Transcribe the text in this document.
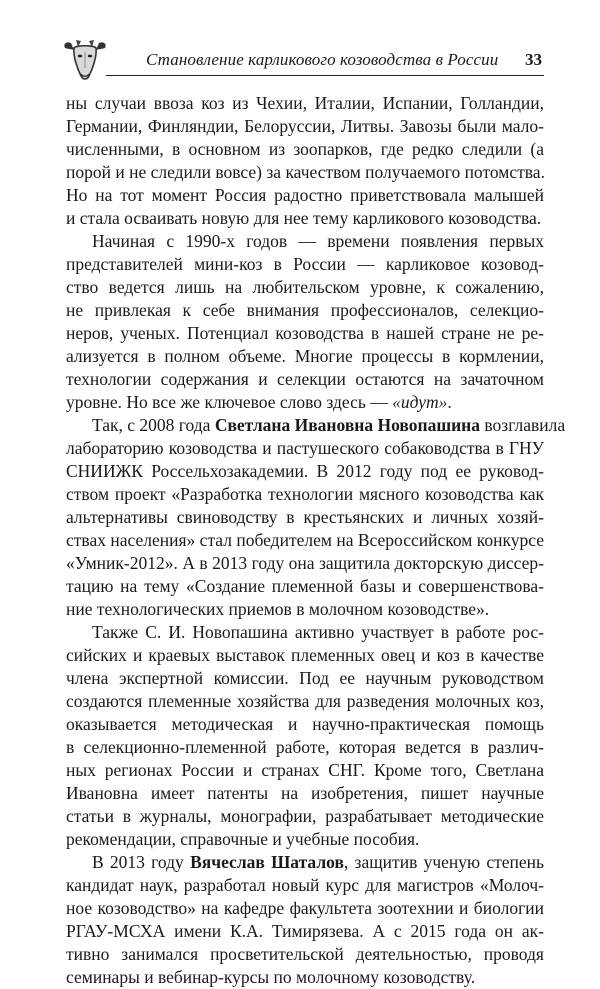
Становление карликового козоводства в России 33
ны случаи ввоза коз из Чехии, Италии, Испании, Голландии,
Германии, Финляндии, Белоруссии, Литвы. Завозы были мало-
численными, в основном из зоопарков, где редко следили (а
порой и не следили вовсе) за качеством получаемого потомства.
Но на тот момент Россия радостно приветствовала малышей
и стала осваивать новую для нее тему карликового козоводства.
Начиная с 1990-х годов — времени появления первых
представителей мини-коз в России — карликовое козовод-
ство ведется лишь на любительском уровне, к сожалению,
не привлекая к себе внимания профессионалов, селекцио-
неров, ученых. Потенциал козоводства в нашей стране не ре-
ализуется в полном объеме. Многие процессы в кормлении,
технологии содержания и селекции остаются на зачаточном
уровне. Но все же ключевое слово здесь — «идут».
Так, с 2008 года Светлана Ивановна Новопашина возглавила
лабораторию козоводства и пастушеского собаководства в ГНУ
СНИИЖК Россельхозакадемии. В 2012 году под ее руковод-
ством проект «Разработка технологии мясного козоводства как
альтернативы свиноводству в крестьянских и личных хозяй-
ствах населения» стал победителем на Всероссийском конкурсе
«Умник-2012». А в 2013 году она защитила докторскую диссер-
тацию на тему «Создание племенной базы и совершенствова-
ние технологических приемов в молочном козоводстве».
Также С. И. Новопашина активно участвует в работе рос-
сийских и краевых выставок племенных овец и коз в качестве
члена экспертной комиссии. Под ее научным руководством
создаются племенные хозяйства для разведения молочных коз,
оказывается методическая и научно-практическая помощь
в селекционно-племенной работе, которая ведется в различ-
ных регионах России и странах СНГ. Кроме того, Светлана
Ивановна имеет патенты на изобретения, пишет научные
статьи в журналы, монографии, разрабатывает методические
рекомендации, справочные и учебные пособия.
В 2013 году Вячеслав Шаталов, защитив ученую степень
кандидат наук, разработал новый курс для магистров «Молоч-
ное козоводство» на кафедре факультета зоотехнии и биологии
РГАУ-МСХА имени К.А. Тимирязева. А с 2015 года он ак-
тивно занимался просветительской деятельностью, проводя
семинары и вебинар-курсы по молочному козоводству.
